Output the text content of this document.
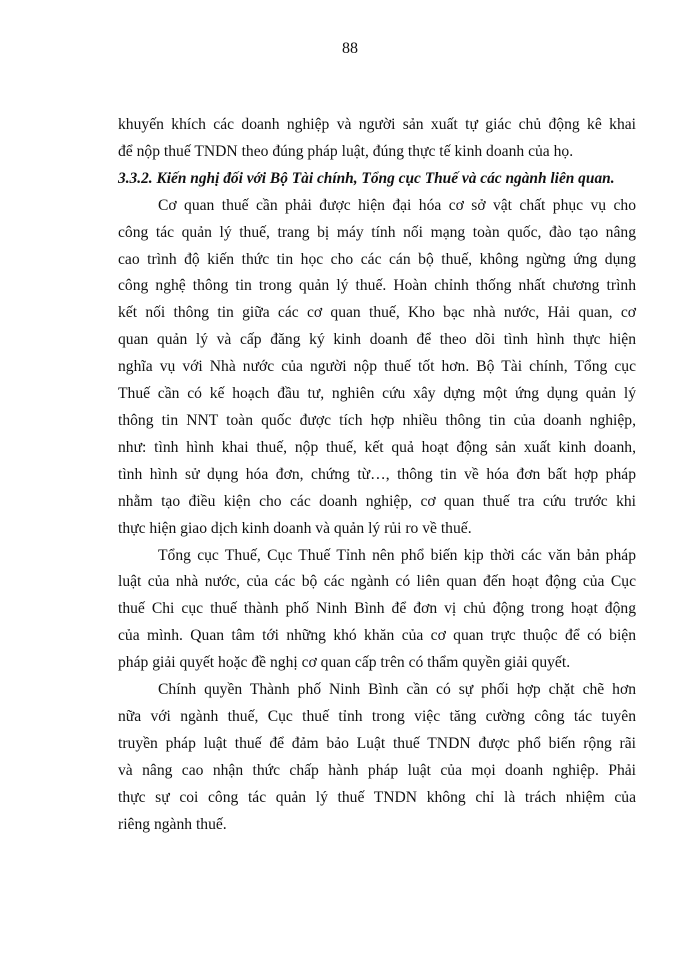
88
khuyến khích các doanh nghiệp và người sản xuất tự giác chủ động kê khai
để nộp thuế TNDN theo đúng pháp luật, đúng thực tế kinh doanh của họ.
3.3.2. Kiến nghị đối với Bộ Tài chính, Tổng cục Thuế và các ngành liên quan.
Cơ quan thuế cần phải được hiện đại hóa cơ sở vật chất phục vụ cho
công tác quản lý thuế, trang bị máy tính nối mạng toàn quốc, đào tạo nâng
cao trình độ kiến thức tin học cho các cán bộ thuế, không ngừng ứng dụng
công nghệ thông tin trong quản lý thuế. Hoàn chỉnh thống nhất chương trình
kết nối thông tin giữa các cơ quan thuế, Kho bạc nhà nước, Hải quan, cơ
quan quản lý và cấp đăng ký kinh doanh để theo dõi tình hình thực hiện
nghĩa vụ với Nhà nước của người nộp thuế tốt hơn. Bộ Tài chính, Tổng cục
Thuế cần có kế hoạch đầu tư, nghiên cứu xây dựng một ứng dụng quản lý
thông tin NNT toàn quốc được tích hợp nhiều thông tin của doanh nghiệp,
như: tình hình khai thuế, nộp thuế, kết quả hoạt động sản xuất kinh doanh,
tình hình sử dụng hóa đơn, chứng từ…, thông tin về hóa đơn bất hợp pháp
nhằm tạo điều kiện cho các doanh nghiệp, cơ quan thuế tra cứu trước khi
thực hiện giao dịch kinh doanh và quản lý rủi ro về thuế.
Tổng cục Thuế, Cục Thuế Tỉnh nên phổ biến kịp thời các văn bản pháp
luật của nhà nước, của các bộ các ngành có liên quan đến hoạt động của Cục
thuế Chi cục thuế thành phố Ninh Bình để đơn vị chủ động trong hoạt động
của mình. Quan tâm tới những khó khăn của cơ quan trực thuộc để có biện
pháp giải quyết hoặc đề nghị cơ quan cấp trên có thẩm quyền giải quyết.
Chính quyền Thành phố Ninh Bình cần có sự phối hợp chặt chẽ hơn
nữa với ngành thuế, Cục thuế tỉnh trong việc tăng cường công tác tuyên
truyền pháp luật thuế để đảm bảo Luật thuế TNDN được phổ biến rộng rãi
và nâng cao nhận thức chấp hành pháp luật của mọi doanh nghiệp. Phải
thực sự coi công tác quản lý thuế TNDN không chỉ là trách nhiệm của
riêng ngành thuế.
